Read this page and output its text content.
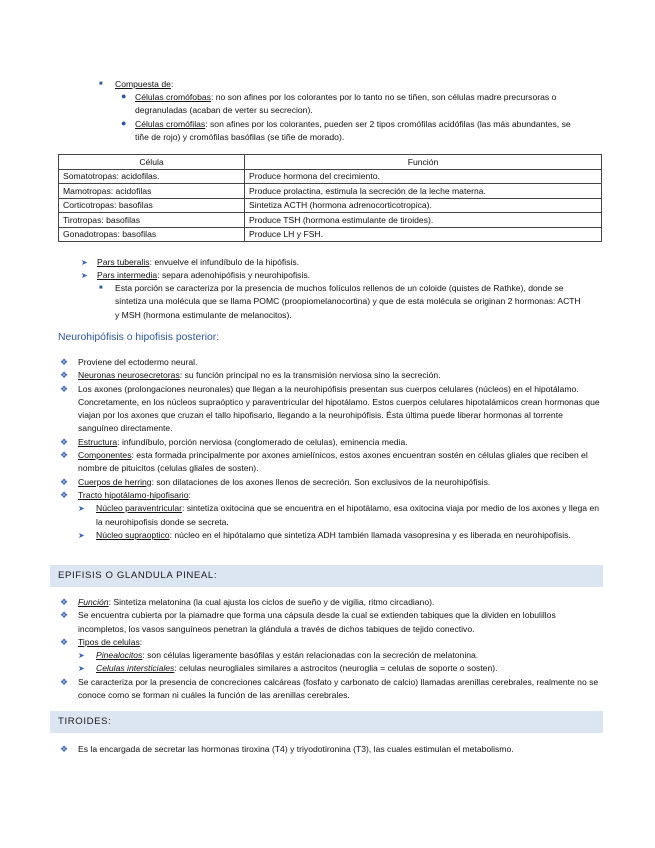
■ Compuesta de:
● Células cromófobas: no son afines por los colorantes por lo tanto no se tiñen, son células madre precursoras o degranuladas (acaban de verter su secrecion).
● Células cromófilas: son afines por los colorantes, pueden ser 2 tipos cromófilas acidófilas (las más abundantes, se tiñe de rojo) y cromófilas basófilas (se tiñe de morado).
Célula	Función
Somatotropas: acidofilas.	Produce hormona del crecimiento.
Mamotropas: acidofilas	Produce prolactina, estimula la secreción de la leche materna.
Corticotropas: basofilas	Sintetiza ACTH (hormona adrenocorticotropica).
Tirotropas: basofilas	Produce TSH (hormona estimulante de tiroides).
Gonadotropas: basofilas	Produce LH y FSH.
➤ Pars tuberalis: envuelve el infundíbulo de la hipófisis.
➤ Pars intermedia: separa adenohipófisis y neurohipofisis.
■ Esta porción se caracteriza por la presencia de muchos folículos rellenos de un coloide (quistes de Rathke), donde se sintetiza una molécula que se llama POMC (proopiomelanocortina) y que de esta molécula se originan 2 hormonas: ACTH y MSH (hormona estimulante de melanocitos).
Neurohipófisis o hipofisis posterior:
❖ Proviene del ectodermo neural.
❖ Neuronas neurosecretoras: su función principal no es la transmisión nerviosa sino la secreción.
❖ Los axones (prolongaciones neuronales) que llegan a la neurohipófisis presentan sus cuerpos celulares (núcleos) en el hipotálamo. Concretamente, en los núcleos supraóptico y paraventricular del hipotálamo. Estos cuerpos celulares hipotalámicos crean hormonas que viajan por los axones que cruzan el tallo hipofisario, llegando a la neurohipófisis. Ésta última puede liberar hormonas al torrente sanguíneo directamente.
❖ Estructura: infundíbulo, porción nerviosa (conglomerado de celulas), eminencia media.
❖ Componentes: esta formada principalmente por axones amielínicos, estos axones encuentran sostén en células gliales que reciben el nombre de pituicitos (celulas gliales de sosten).
❖ Cuerpos de herring: son dilataciones de los axones llenos de secreción. Son exclusivos de la neurohipófisis.
❖ Tracto hipotálamo-hipofisario:
➤ Núcleo paraventricular: sintetiza oxitocina que se encuentra en el hipotálamo, esa oxitocina viaja por medio de los axones y llega en la neurohipofisis donde se secreta.
➤ Núcleo supraoptico: núcleo en el hipótalamo que sintetiza ADH también llamada vasopresina y es liberada en neurohipofisis.
EPIFISIS O GLANDULA PINEAL:
❖ Función: Sintetiza melatonina (la cual ajusta los ciclos de sueño y de vigilia, ritmo circadiano).
❖ Se encuentra cubierta por la piamadre que forma una cápsula desde la cual se extienden tabiques que la dividen en lobulillos incompletos, los vasos sanguíneos penetran la glándula a través de dichos tabiques de tejido conectivo.
❖ Tipos de celulas:
➤ Pinealocitos: son células ligeramente basófilas y están relacionadas con la secreción de melatonina.
➤ Celulas intersticiales: celulas neurogliales similares a astrocitos (neuroglia = celulas de soporte o sosten).
❖ Se caracteriza por la presencia de concreciones calcáreas (fosfato y carbonato de calcio) llamadas arenillas cerebrales, realmente no se conoce como se forman ni cuáles la función de las arenillas cerebrales.
TIROIDES:
❖ Es la encargada de secretar las hormonas tiroxina (T4) y triyodotironina (T3), las cuales estimulan el metabolismo.
